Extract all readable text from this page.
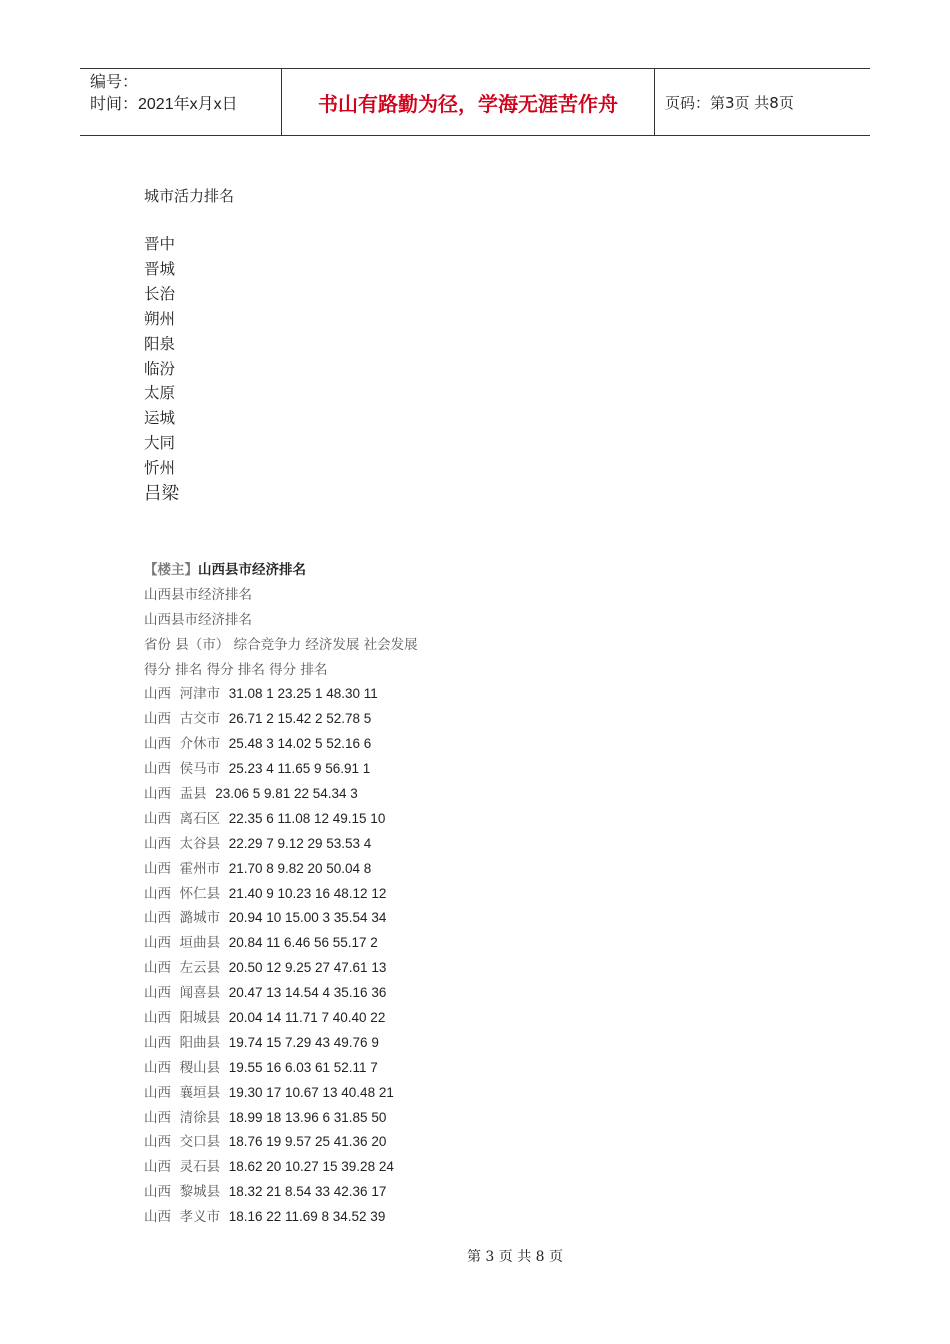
编号：
时间：2021年x月x日	书山有路勤为径，学海无涯苦作舟	页码：第3页 共8页
城市活力排名
晋中
晋城
长治
朔州
阳泉
临汾
太原
运城
大同
忻州
吕梁
【楼主】山西县市经济排名
山西县市经济排名
山西县市经济排名
省份 县（市） 综合竞争力 经济发展 社会发展
得分 排名 得分 排名 得分 排名
山西 河津市 31.08 1 23.25 1 48.30 11
山西 古交市 26.71 2 15.42 2 52.78 5
山西 介休市 25.48 3 14.02 5 52.16 6
山西 侯马市 25.23 4 11.65 9 56.91 1
山西 盂县 23.06 5 9.81 22 54.34 3
山西 离石区 22.35 6 11.08 12 49.15 10
山西 太谷县 22.29 7 9.12 29 53.53 4
山西 霍州市 21.70 8 9.82 20 50.04 8
山西 怀仁县 21.40 9 10.23 16 48.12 12
山西 潞城市 20.94 10 15.00 3 35.54 34
山西 垣曲县 20.84 11 6.46 56 55.17 2
山西 左云县 20.50 12 9.25 27 47.61 13
山西 闻喜县 20.47 13 14.54 4 35.16 36
山西 阳城县 20.04 14 11.71 7 40.40 22
山西 阳曲县 19.74 15 7.29 43 49.76 9
山西 稷山县 19.55 16 6.03 61 52.11 7
山西 襄垣县 19.30 17 10.67 13 40.48 21
山西 清徐县 18.99 18 13.96 6 31.85 50
山西 交口县 18.76 19 9.57 25 41.36 20
山西 灵石县 18.62 20 10.27 15 39.28 24
山西 黎城县 18.32 21 8.54 33 42.36 17
山西 孝义市 18.16 22 11.69 8 34.52 39
第 3 页 共 8 页
